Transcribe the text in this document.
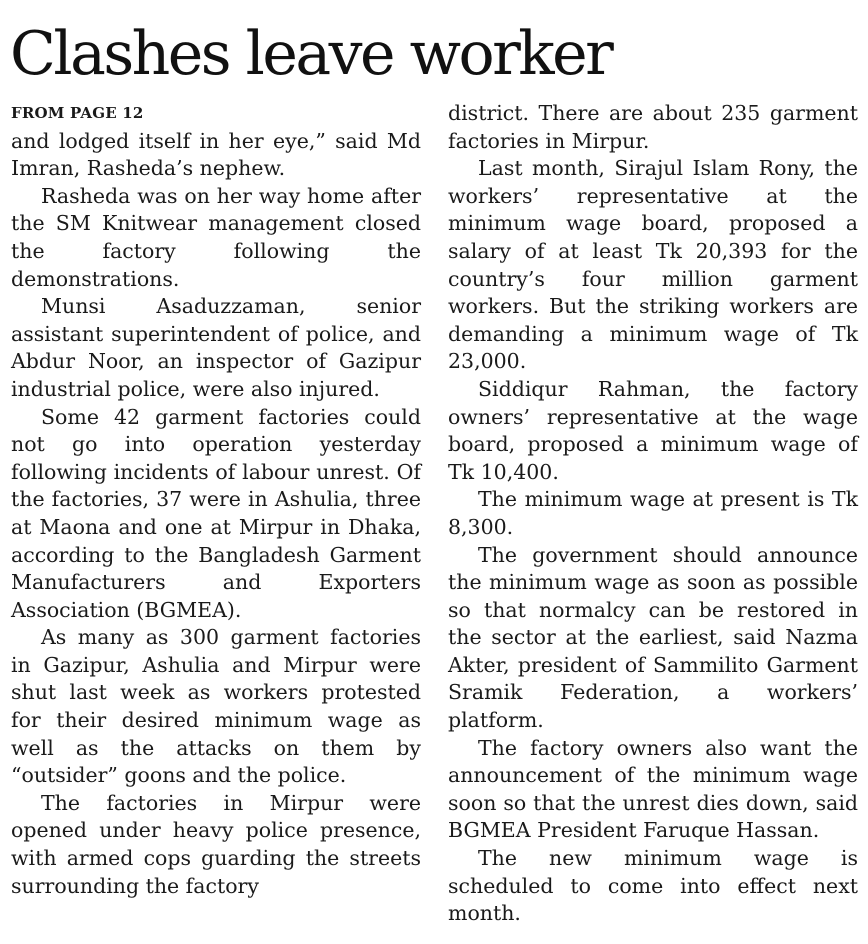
Clashes leave worker
FROM PAGE 12

and lodged itself in her eye,” said Md Imran, Rasheda’s nephew.

Rasheda was on her way home after the SM Knitwear management closed the factory following the demonstrations.

Munsi Asaduzzaman, senior assistant superintendent of police, and Abdur Noor, an inspector of Gazipur industrial police, were also injured.

Some 42 garment factories could not go into operation yesterday following incidents of labour unrest. Of the factories, 37 were in Ashulia, three at Maona and one at Mirpur in Dhaka, according to the Bangladesh Garment Manufacturers and Exporters Association (BGMEA).

As many as 300 garment factories in Gazipur, Ashulia and Mirpur were shut last week as workers protested for their desired minimum wage as well as the attacks on them by “outsider” goons and the police.

The factories in Mirpur were opened under heavy police presence, with armed cops guarding the streets surrounding the factory

district. There are about 235 garment factories in Mirpur.

Last month, Sirajul Islam Rony, the workers’ representative at the minimum wage board, proposed a salary of at least Tk 20,393 for the country’s four million garment workers. But the striking workers are demanding a minimum wage of Tk 23,000.

Siddiqur Rahman, the factory owners’ representative at the wage board, proposed a minimum wage of Tk 10,400.

The minimum wage at present is Tk 8,300.

The government should announce the minimum wage as soon as possible so that normalcy can be restored in the sector at the earliest, said Nazma Akter, president of Sammilito Garment Sramik Federation, a workers’ platform.

The factory owners also want the announcement of the minimum wage soon so that the unrest dies down, said BGMEA President Faruque Hassan.

The new minimum wage is scheduled to come into effect next month.
